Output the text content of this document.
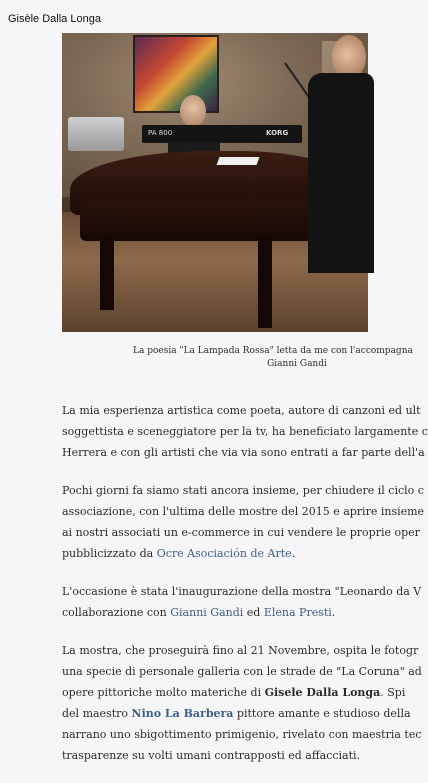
Gisèle Dalla Longa
PA 800	KORG
La poesia "La Lampada Rossa" letta da me con l'accompagna
Gianni Gandi

La mia esperienza artistica come poeta, autore di canzoni ed ult
soggettista e sceneggiatore per la tv, ha beneficiato largamente c
Herrera e con gli artisti che via via sono entrati a far parte dell'a

Pochi giorni fa siamo stati ancora insieme, per chiudere il ciclo c
associazione, con l'ultima delle mostre del 2015 e aprire insieme
ai nostri associati un e-commerce in cui vendere le proprie oper
pubblicizzato da Ocre Asociación de Arte.

L'occasione è stata l'inaugurazione della mostra "Leonardo da V
collaborazione con Gianni Gandi ed Elena Presti.

La mostra, che proseguirà fino al 21 Novembre, ospita le fotogr
una specie di personale galleria con le strade de "La Coruna" ad
opere pittoriche molto materiche di Gisele Dalla Longa. Spi
del maestro Nino La Barbera pittore amante e studioso della
narrano uno sbigottimento primigenio, rivelato con maestria tec
trasparenze su volti umani contrapposti ed affacciati.
